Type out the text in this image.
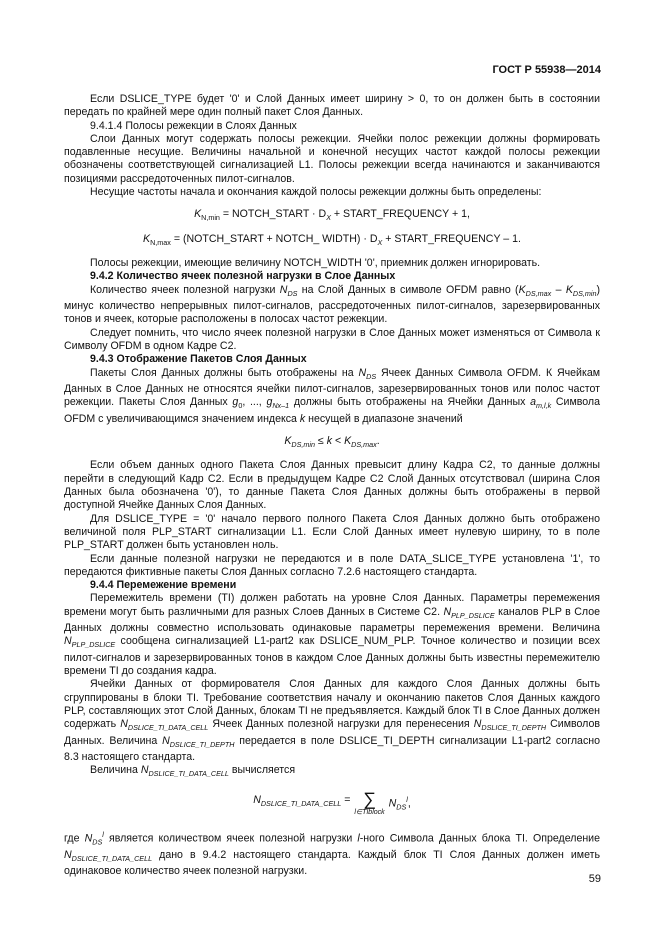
ГОСТ Р 55938—2014

Если DSLICE_TYPE будет '0' и Слой Данных имеет ширину > 0, то он должен быть в состоянии передать по крайней мере один полный пакет Слоя Данных.

9.4.1.4 Полосы режекции в Слоях Данных

Слои Данных могут содержать полосы режекции. Ячейки полос режекции должны формировать подавленные несущие. Величины начальной и конечной несущих частот каждой полосы режекции обозначены соответствующей сигнализацией L1. Полосы режекции всегда начинаются и заканчиваются позициями рассредоточенных пилот-сигналов.

Несущие частоты начала и окончания каждой полосы режекции должны быть определены:

$K_{N,min}$ = NOTCH_START · $D_X$ + START_FREQUENCY + 1,
$K_{N,max}$ = (NOTCH_START + NOTCH_ WIDTH) · $D_X$ + START_FREQUENCY – 1.

Полосы режекции, имеющие величину NOTCH_WIDTH '0', приемник должен игнорировать.

9.4.2 Количество ячеек полезной нагрузки в Слое Данных

Количество ячеек полезной нагрузки $N_{DS}$ на Слой Данных в символе OFDM равно $(K_{DS,max} - K_{DS,min})$ минус количество непрерывных пилот-сигналов, рассредоточенных пилот-сигналов, зарезервированных тонов и ячеек, которые расположены в полосах частот режекции.

Следует помнить, что число ячеек полезной нагрузки в Слое Данных может изменяться от Символа к Символу OFDM в одном Кадре С2.

9.4.3 Отображение Пакетов Слоя Данных

Пакеты Слоя Данных должны быть отображены на $N_{DS}$ Ячеек Данных Символа OFDM. К Ячейкам Данных в Слое Данных не относятся ячейки пилот-сигналов, зарезервированных тонов или полос частот режекции. Пакеты Слоя Данных $g_0$, ..., $g_{Nx-1}$ должны быть отображены на Ячейки Данных $a_{m,l,k}$ Символа OFDM с увеличивающимся значением индекса k несущей в диапазоне значений

$K_{DS,min} \le k < K_{DS,max}$.

Если объем данных одного Пакета Слоя Данных превысит длину Кадра С2, то данные должны перейти в следующий Кадр С2. Если в предыдущем Кадре С2 Слой Данных отсутствовал (ширина Слоя Данных была обозначена '0'), то данные Пакета Слоя Данных должны быть отображены в первой доступной Ячейке Данных Слоя Данных.

Для DSLICE_TYPE = '0' начало первого полного Пакета Слоя Данных должно быть отображено величиной поля PLP_START сигнализации L1. Если Слой Данных имеет нулевую ширину, то в поле PLP_START должен быть установлен ноль.

Если данные полезной нагрузки не передаются и в поле DATA_SLICE_TYPE установлена '1', то передаются фиктивные пакеты Слоя Данных согласно 7.2.6 настоящего стандарта.

9.4.4 Перемежение времени

Перемежитель времени (TI) должен работать на уровне Слоя Данных. Параметры перемежения времени могут быть различными для разных Слоев Данных в Системе С2. $N_{PLP\_DSLICE}$ каналов PLP в Слое Данных должны совместно использовать одинаковые параметры перемежения времени. Величина $N_{PLP\_DSLICE}$ сообщена сигнализацией L1-part2 как DSLICE_NUM_PLP. Точное количество и позиции всех пилот-сигналов и зарезервированных тонов в каждом Слое Данных должны быть известны перемежителю времени TI до создания кадра.

Ячейки Данных от формирователя Слоя Данных для каждого Слоя Данных должны быть сгруппированы в блоки TI. Требование соответствия началу и окончанию пакетов Слоя Данных каждого PLP, составляющих этот Слой Данных, блокам TI не предъявляется. Каждый блок TI в Слое Данных должен содержать $N_{DSLICE\_TI\_DATA\_CELL}$ Ячеек Данных полезной нагрузки для перенесения $N_{DSLICE\_TI\_DEPTH}$ Символов Данных. Величина $N_{DSLICE\_TI\_DEPTH}$ передается в поле DSLICE_TI_DEPTH сигнализации L1-part2 согласно 8.3 настоящего стандарта.

Величина $N_{DSLICE\_TI\_DATA\_CELL}$ вычисляется

$N_{DSLICE\_TI\_DATA\_CELL}$ = ∑
l∈TIblock
$N_{DS}^l$,

где $N_{DS}^l$ является количеством ячеек полезной нагрузки l-ного Символа Данных блока TI. Определение $N_{DSLICE\_TI\_DATA\_CELL}$ дано в 9.4.2 настоящего стандарта. Каждый блок TI Слоя Данных должен иметь одинаковое количество ячеек полезной нагрузки.

59
